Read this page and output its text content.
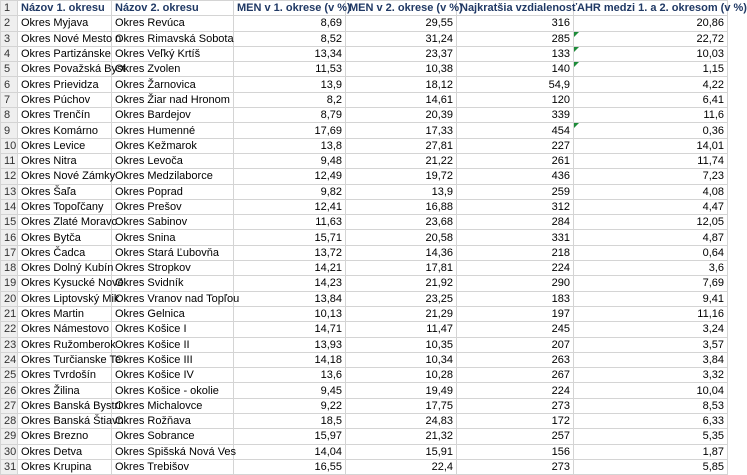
1	Názov 1. okresu	Názov 2. okresu	MEN v 1. okrese (v %)	MEN v 2. okrese (v %)	Najkratšia vzdialenosť	AHR medzi 1. a 2. okresom (v %)
2	Okres Myjava	Okres Revúca	8,69	29,55	316	20,86
3	Okres Nové Mesto n	Okres Rimavská Sobota	8,52	31,24	285	22,72
4	Okres Partizánske	Okres Veľký Krtíš	13,34	23,37	133	10,03
5	Okres Považská Byst	Okres Zvolen	11,53	10,38	140	1,15
6	Okres Prievidza	Okres Žarnovica	13,9	18,12	54,9	4,22
7	Okres Púchov	Okres Žiar nad Hronom	8,2	14,61	120	6,41
8	Okres Trenčín	Okres Bardejov	8,79	20,39	339	11,6
9	Okres Komárno	Okres Humenné	17,69	17,33	454	0,36
10	Okres Levice	Okres Kežmarok	13,8	27,81	227	14,01
11	Okres Nitra	Okres Levoča	9,48	21,22	261	11,74
12	Okres Nové Zámky	Okres Medzilaborce	12,49	19,72	436	7,23
13	Okres Šaľa	Okres Poprad	9,82	13,9	259	4,08
14	Okres Topoľčany	Okres Prešov	12,41	16,88	312	4,47
15	Okres Zlaté Moravc	Okres Sabinov	11,63	23,68	284	12,05
16	Okres Bytča	Okres Snina	15,71	20,58	331	4,87
17	Okres Čadca	Okres Stará Ľubovňa	13,72	14,36	218	0,64
18	Okres Dolný Kubín	Okres Stropkov	14,21	17,81	224	3,6
19	Okres Kysucké Nové	Okres Svidník	14,23	21,92	290	7,69
20	Okres Liptovský Mik	Okres Vranov nad Topľou	13,84	23,25	183	9,41
21	Okres Martin	Okres Gelnica	10,13	21,29	197	11,16
22	Okres Námestovo	Okres Košice I	14,71	11,47	245	3,24
23	Okres Ružomberok	Okres Košice II	13,93	10,35	207	3,57
24	Okres Turčianske Te	Okres Košice III	14,18	10,34	263	3,84
25	Okres Tvrdošín	Okres Košice IV	13,6	10,28	267	3,32
26	Okres Žilina	Okres Košice - okolie	9,45	19,49	224	10,04
27	Okres Banská Bystri	Okres Michalovce	9,22	17,75	273	8,53
28	Okres Banská Štiavn	Okres Rožňava	18,5	24,83	172	6,33
29	Okres Brezno	Okres Sobrance	15,97	21,32	257	5,35
30	Okres Detva	Okres Spišská Nová Ves	14,04	15,91	156	1,87
31	Okres Krupina	Okres Trebišov	16,55	22,4	273	5,85
